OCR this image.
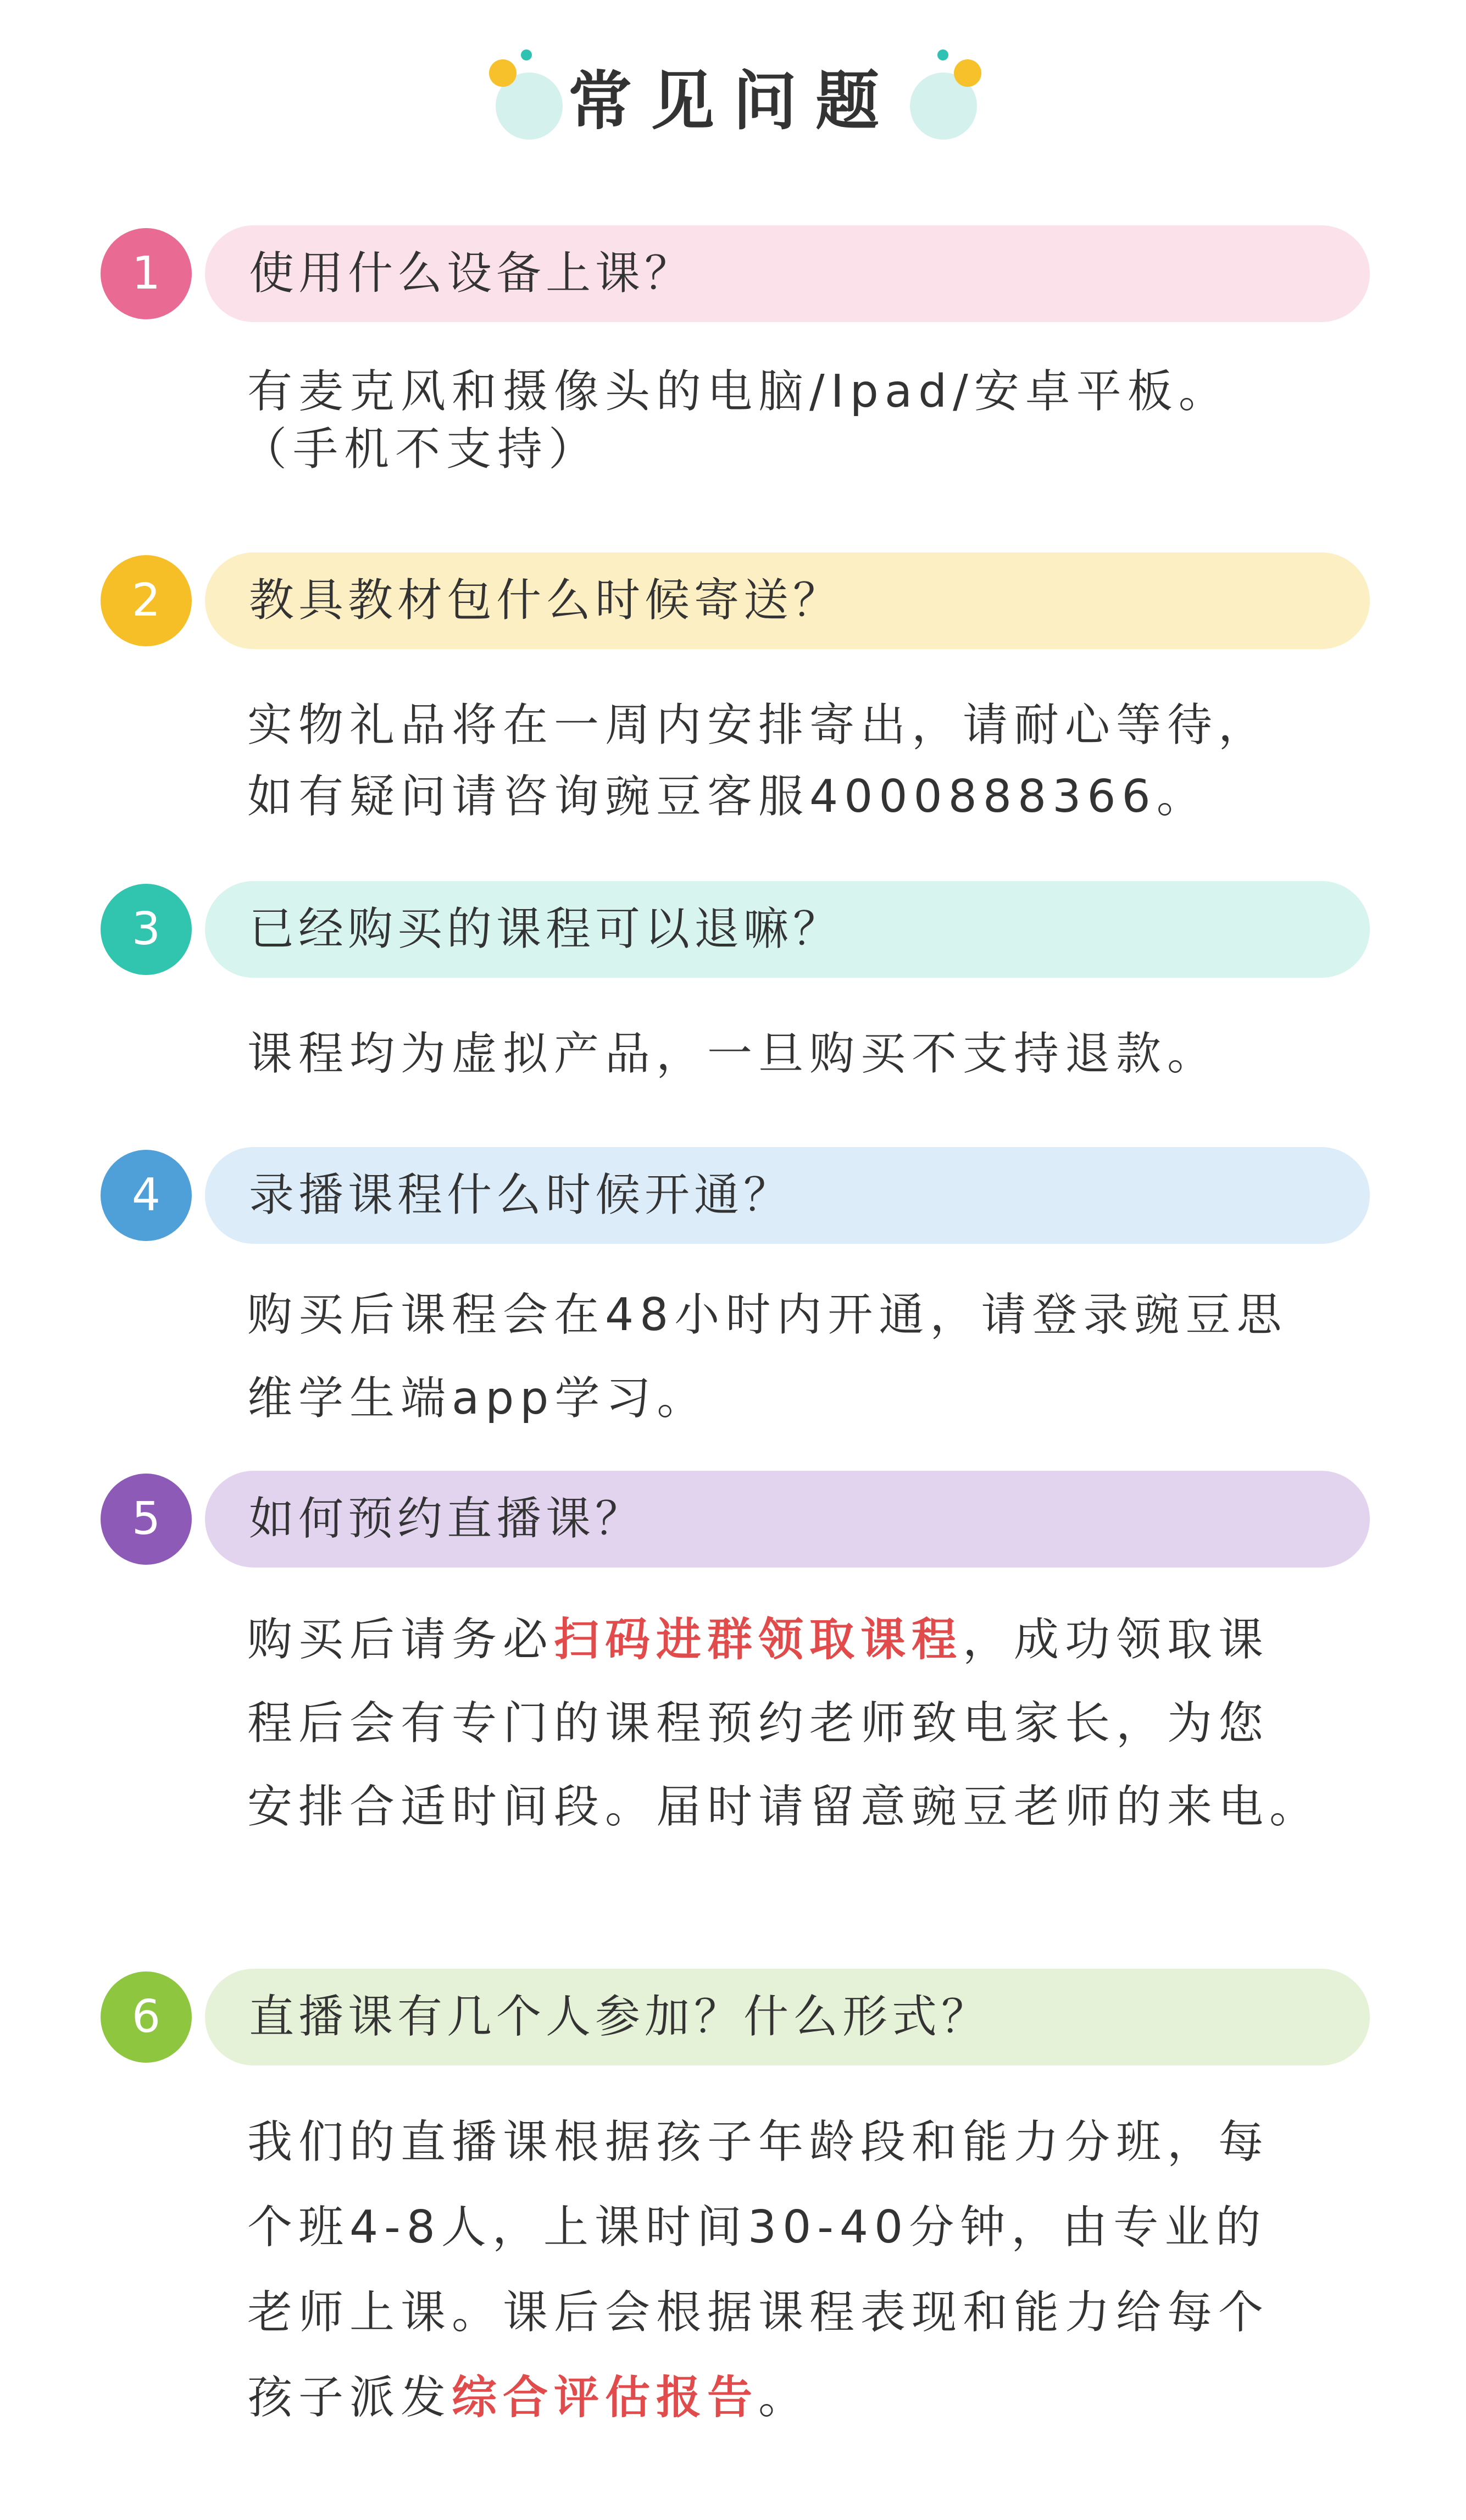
常见问题
1	使用什么设备上课？
有麦克风和摄像头的电脑/Ipad/安卓平板。
（手机不支持）
2	教具教材包什么时候寄送？
实物礼品将在一周内安排寄出，请耐心等待，
如有疑问请咨询豌豆客服4000888366。
3	已经购买的课程可以退嘛？
课程均为虚拟产品，一旦购买不支持退款。
4	录播课程什么时候开通？
购买后课程会在48小时内开通，请登录豌豆思
维学生端app学习。
5	如何预约直播课？
购买后请务必扫码进群领取课程，成功领取课
程后会有专门的课程预约老师致电家长，为您
安排合适时间段。届时请留意豌豆老师的来电。
6	直播课有几个人参加？什么形式？
我们的直播课根据孩子年龄段和能力分班，每
个班4-8人，上课时间30-40分钟，由专业的
老师上课。课后会根据课程表现和能力给每个
孩子派发综合评估报告。
